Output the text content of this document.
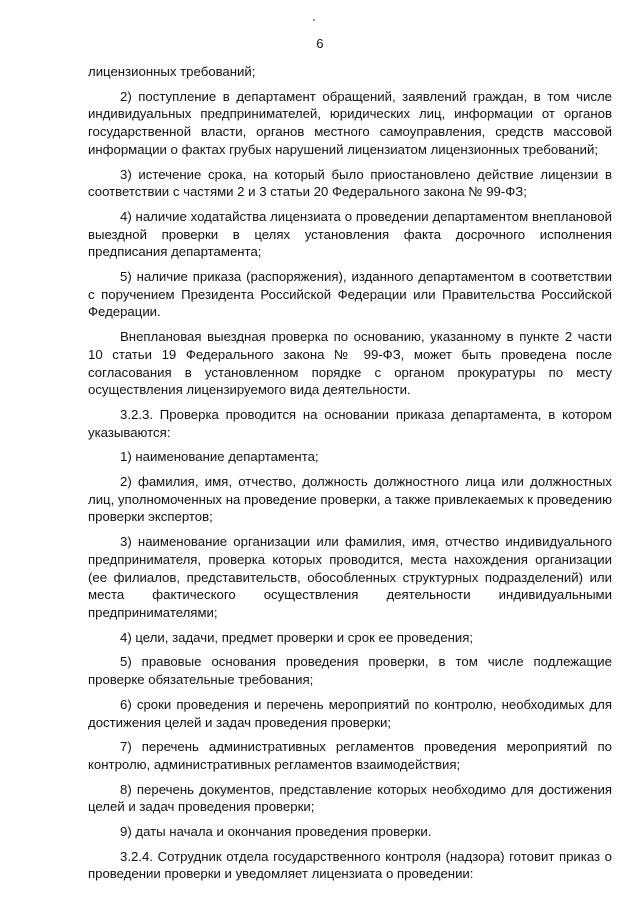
6

лицензионных требований;

2) поступление в департамент обращений, заявлений граждан, в том числе индивидуальных предпринимателей, юридических лиц, информации от органов государственной власти, органов местного самоуправления, средств массовой информации о фактах грубых нарушений лицензиатом лицензионных требований;

3) истечение срока, на который было приостановлено действие лицензии в соответствии с частями 2 и 3 статьи 20 Федерального закона № 99-ФЗ;

4) наличие ходатайства лицензиата о проведении департаментом внеплановой выездной проверки в целях установления факта досрочного исполнения предписания департамента;

5) наличие приказа (распоряжения), изданного департаментом в соответствии с поручением Президента Российской Федерации или Правительства Российской Федерации.

Внеплановая выездная проверка по основанию, указанному в пункте 2 части 10 статьи 19 Федерального закона № 99-ФЗ, может быть проведена после согласования в установленном порядке с органом прокуратуры по месту осуществления лицензируемого вида деятельности.

3.2.3. Проверка проводится на основании приказа департамента, в котором указываются:

1) наименование департамента;

2) фамилия, имя, отчество, должность должностного лица или должностных лиц, уполномоченных на проведение проверки, а также привлекаемых к проведению проверки экспертов;

3) наименование организации или фамилия, имя, отчество индивидуального предпринимателя, проверка которых проводится, места нахождения организации (ее филиалов, представительств, обособленных структурных подразделений) или места фактического осуществления деятельности индивидуальными предпринимателями;

4) цели, задачи, предмет проверки и срок ее проведения;

5) правовые основания проведения проверки, в том числе подлежащие проверке обязательные требования;

6) сроки проведения и перечень мероприятий по контролю, необходимых для достижения целей и задач проведения проверки;

7) перечень административных регламентов проведения мероприятий по контролю, административных регламентов взаимодействия;

8) перечень документов, представление которых необходимо для достижения целей и задач проведения проверки;

9) даты начала и окончания проведения проверки.

3.2.4. Сотрудник отдела государственного контроля (надзора) готовит приказ о проведении проверки и уведомляет лицензиата о проведении:
